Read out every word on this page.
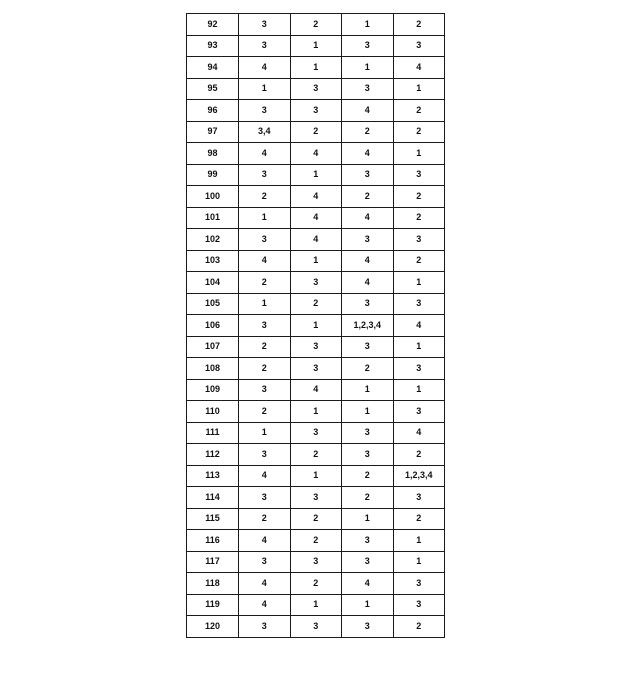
92	3	2	1	2
93	3	1	3	3
94	4	1	1	4
95	1	3	3	1
96	3	3	4	2
97	3,4	2	2	2
98	4	4	4	1
99	3	1	3	3
100	2	4	2	2
101	1	4	4	2
102	3	4	3	3
103	4	1	4	2
104	2	3	4	1
105	1	2	3	3
106	3	1	1,2,3,4	4
107	2	3	3	1
108	2	3	2	3
109	3	4	1	1
110	2	1	1	3
111	1	3	3	4
112	3	2	3	2
113	4	1	2	1,2,3,4
114	3	3	2	3
115	2	2	1	2
116	4	2	3	1
117	3	3	3	1
118	4	2	4	3
119	4	1	1	3
120	3	3	3	2
